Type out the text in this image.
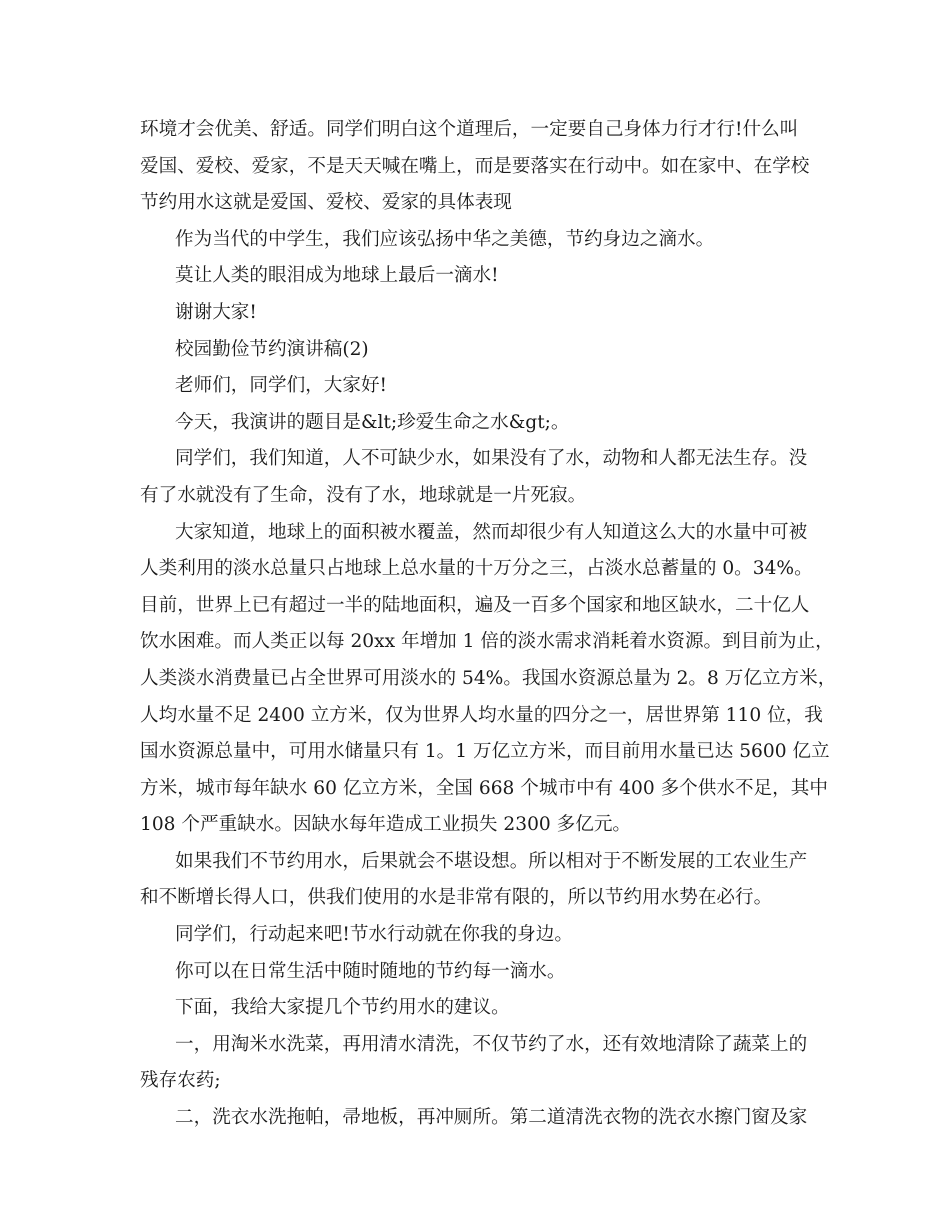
环境才会优美、舒适。同学们明白这个道理后，一定要自己身体力行才行!什么叫
爱国、爱校、爱家，不是天天喊在嘴上，而是要落实在行动中。如在家中、在学校
节约用水这就是爱国、爱校、爱家的具体表现
作为当代的中学生，我们应该弘扬中华之美德，节约身边之滴水。
莫让人类的眼泪成为地球上最后一滴水!
谢谢大家!
校园勤俭节约演讲稿(2)
老师们，同学们，大家好!
今天，我演讲的题目是&lt;珍爱生命之水&gt;。
同学们，我们知道，人不可缺少水，如果没有了水，动物和人都无法生存。没
有了水就没有了生命，没有了水，地球就是一片死寂。
大家知道，地球上的面积被水覆盖，然而却很少有人知道这么大的水量中可被
人类利用的淡水总量只占地球上总水量的十万分之三，占淡水总蓄量的 0。34%。
目前，世界上已有超过一半的陆地面积，遍及一百多个国家和地区缺水，二十亿人
饮水困难。而人类正以每 20xx 年增加 1 倍的淡水需求消耗着水资源。到目前为止，
人类淡水消费量已占全世界可用淡水的 54%。我国水资源总量为 2。8 万亿立方米，
人均水量不足 2400 立方米，仅为世界人均水量的四分之一，居世界第 110 位，我
国水资源总量中，可用水储量只有 1。1 万亿立方米，而目前用水量已达 5600 亿立
方米，城市每年缺水 60 亿立方米，全国 668 个城市中有 400 多个供水不足，其中
108 个严重缺水。因缺水每年造成工业损失 2300 多亿元。
如果我们不节约用水，后果就会不堪设想。所以相对于不断发展的工农业生产
和不断增长得人口，供我们使用的水是非常有限的，所以节约用水势在必行。
同学们，行动起来吧!节水行动就在你我的身边。
你可以在日常生活中随时随地的节约每一滴水。
下面，我给大家提几个节约用水的建议。
一，用淘米水洗菜，再用清水清洗，不仅节约了水，还有效地清除了蔬菜上的
残存农药;
二，洗衣水洗拖帕，帚地板，再冲厕所。第二道清洗衣物的洗衣水擦门窗及家
